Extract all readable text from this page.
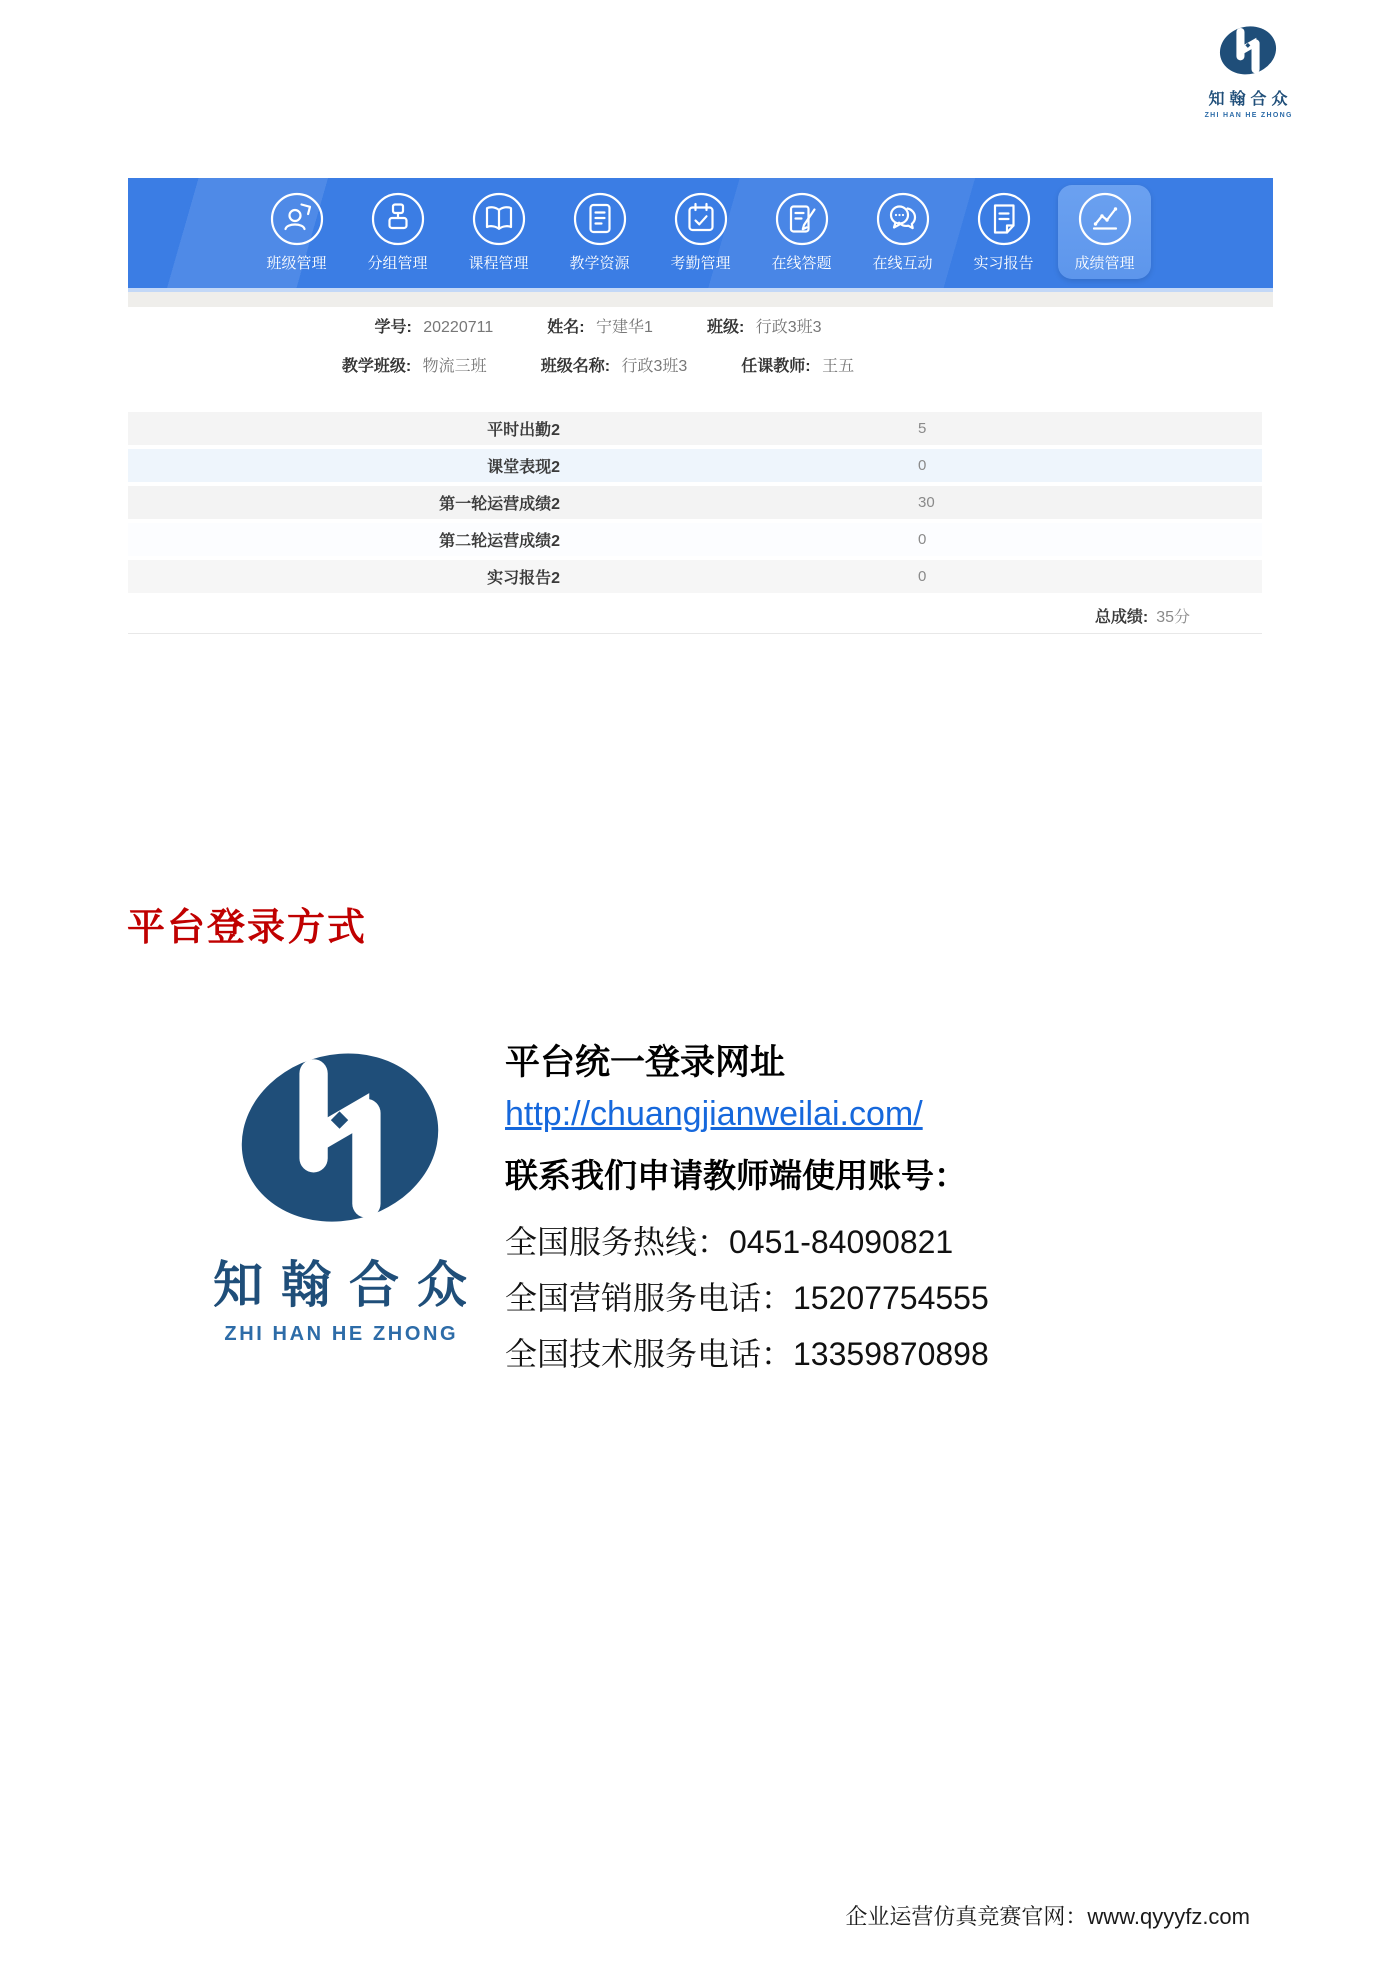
知翰合众
ZHI HAN HE ZHONG
班级管理	分组管理	课程管理	教学资源	考勤管理	在线答题	在线互动	实习报告	成绩管理
学号: 20220711	姓名: 宁建华1	班级: 行政3班3
教学班级: 物流三班	班级名称: 行政3班3	任课教师: 王五
平时出勤2	5
课堂表现2	0
第一轮运营成绩2	30
第二轮运营成绩2	0
实习报告2	0
总成绩: 35分
平台登录方式
知翰合众
ZHI HAN HE ZHONG
平台统一登录网址
http://chuangjianweilai.com/
联系我们申请教师端使用账号：
全国服务热线：0451-84090821
全国营销服务电话：15207754555
全国技术服务电话：13359870898
企业运营仿真竞赛官网：www.qyyyfz.com
